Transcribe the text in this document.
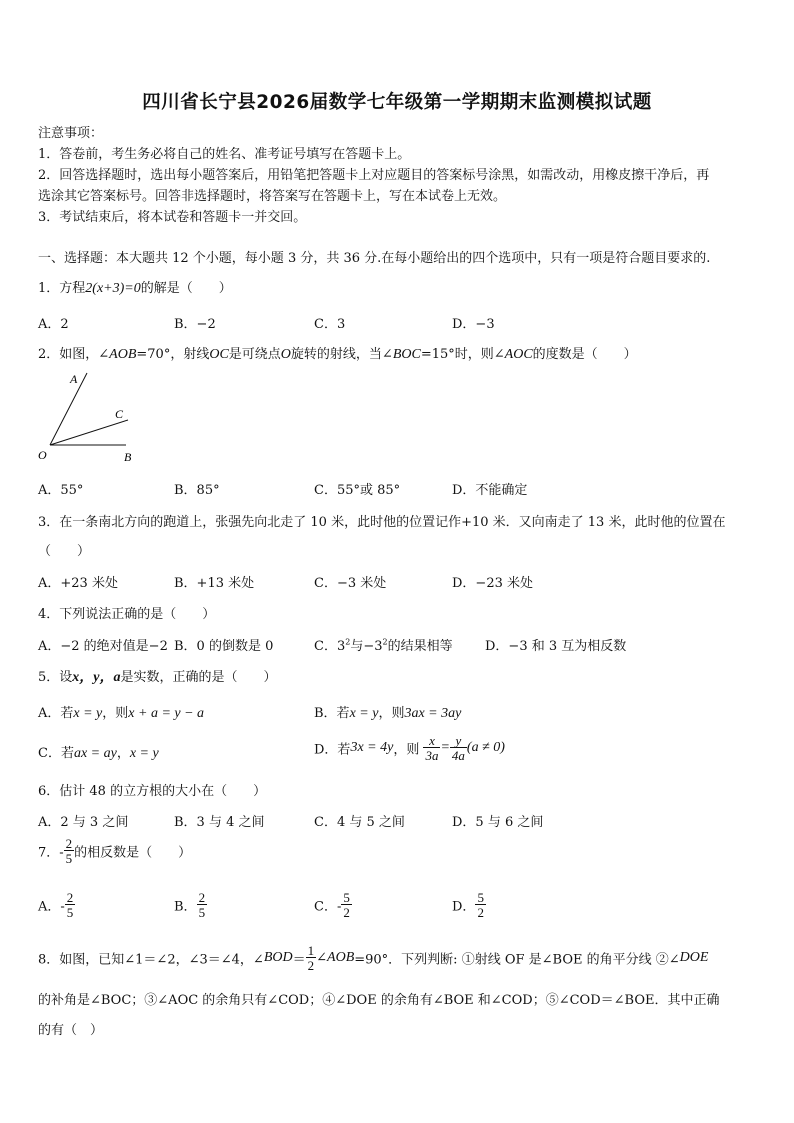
四川省长宁县2026届数学七年级第一学期期末监测模拟试题
注意事项：
1．答卷前，考生务必将自己的姓名、准考证号填写在答题卡上。
2．回答选择题时，选出每小题答案后，用铅笔把答题卡上对应题目的答案标号涂黑，如需改动，用橡皮擦干净后，再
选涂其它答案标号。回答非选择题时，将答案写在答题卡上，写在本试卷上无效。
3．考试结束后，将本试卷和答题卡一并交回。
一、选择题：本大题共 12 个小题，每小题 3 分，共 36 分.在每小题给出的四个选项中，只有一项是符合题目要求的.
1．方程2(x+3)=0的解是（　　）
A．2	B．−2	C．3	D．−3
2．如图，∠AOB=70°，射线OC是可绕点O旋转的射线，当∠BOC=15°时，则∠AOC的度数是（　　）
A
C
O	B
A．55°	B．85°	C．55°或 85°	D．不能确定
3．在一条南北方向的跑道上，张强先向北走了 10 米，此时他的位置记作+10 米．又向南走了 13 米，此时他的位置在
（　　）
A．+23 米处	B．+13 米处	C．−3 米处	D．−23 米处
4．下列说法正确的是（　　）
A．−2 的绝对值是−2 B．0 的倒数是 0	C．$3^2$与$-3^2$的结果相等 D．−3 和 3 互为相反数
5．设x，y，a是实数，正确的是（　　）
A．若x = y，则x + a = y − a	B．若x = y，则3ax = 3ay
C．若ax = ay，x = y	D．若3x = 4y，则 $\frac{x}{3a} = \frac{y}{4a} (a \ne 0)$
6．估计 48 的立方根的大小在（　　）
A．2 与 3 之间	B．3 与 4 之间	C．4 与 5 之间	D．5 与 6 之间
7．- $\frac{2}{5}$ 的相反数是（　　）
A．- $\frac{2}{5}$	B． $\frac{2}{5}$	C．- $\frac{5}{2}$	D． $\frac{5}{2}$
8．如图，已知∠1＝∠2，∠3＝∠4，∠BOD＝ $\frac{1}{2}$ ∠AOB=90°．下列判断: ①射线 OF 是∠BOE 的角平分线 ②∠DOE
的补角是∠BOC；③∠AOC 的余角只有∠COD；④∠DOE 的余角有∠BOE 和∠COD；⑤∠COD＝∠BOE．其中正确
的有（　）
